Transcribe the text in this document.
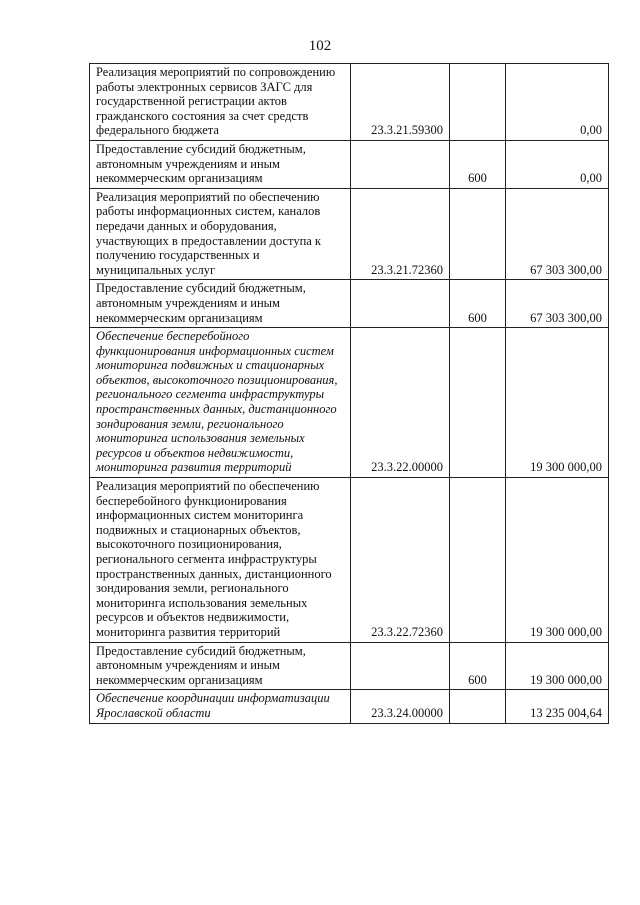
102
Реализация мероприятий по сопровождению работы электронных сервисов ЗАГС для государственной регистрации актов гражданского состояния за счет средств федерального бюджета	23.3.21.59300		0,00
Предоставление субсидий бюджетным, автономным учреждениям и иным некоммерческим организациям		600	0,00
Реализация мероприятий по обеспечению работы информационных систем, каналов передачи данных и оборудования, участвующих в предоставлении доступа к получению государственных и муниципальных услуг	23.3.21.72360		67 303 300,00
Предоставление субсидий бюджетным, автономным учреждениям и иным некоммерческим организациям		600	67 303 300,00
Обеспечение бесперебойного функционирования информационных систем мониторинга подвижных и стационарных объектов, высокоточного позиционирования, регионального сегмента инфраструктуры пространственных данных, дистанционного зондирования земли, регионального мониторинга использования земельных ресурсов и объектов недвижимости, мониторинга развития территорий	23.3.22.00000		19 300 000,00
Реализация мероприятий по обеспечению бесперебойного функционирования информационных систем мониторинга подвижных и стационарных объектов, высокоточного позиционирования, регионального сегмента инфраструктуры пространственных данных, дистанционного зондирования земли, регионального мониторинга использования земельных ресурсов и объектов недвижимости, мониторинга развития территорий	23.3.22.72360		19 300 000,00
Предоставление субсидий бюджетным, автономным учреждениям и иным некоммерческим организациям		600	19 300 000,00
Обеспечение координации информатизации Ярославской области	23.3.24.00000		13 235 004,64
